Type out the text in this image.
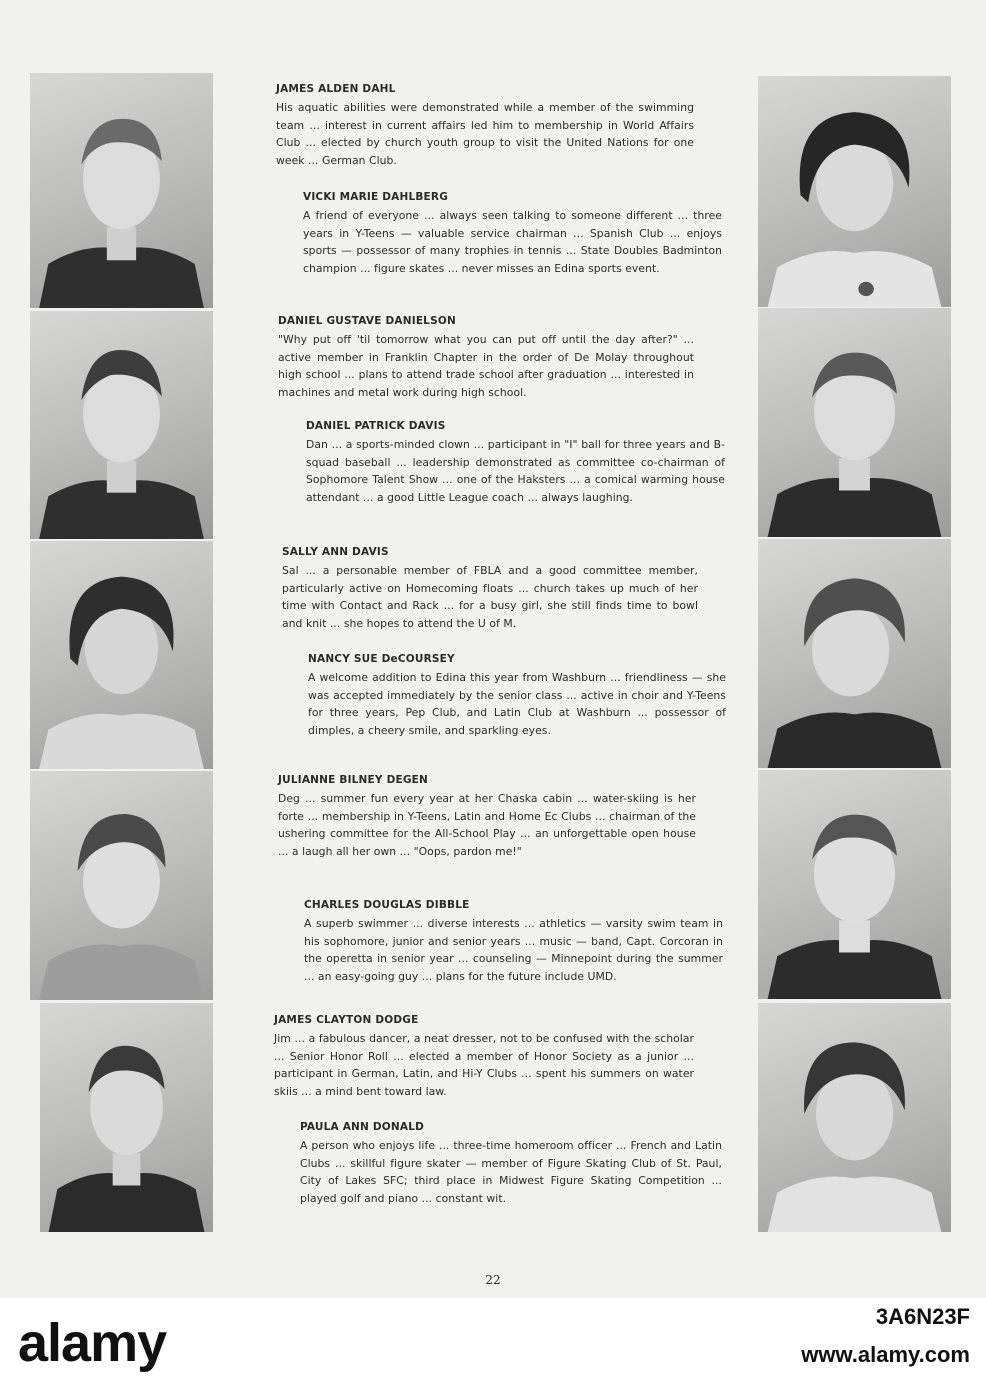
JAMES ALDEN DAHL

His aquatic abilities were demonstrated while a member of the swimming team ... interest in current affairs led him to membership in World Affairs Club ... elected by church youth group to visit the United Nations for one week ... German Club.

VICKI MARIE DAHLBERG

A friend of everyone ... always seen talking to someone different ... three years in Y-Teens — valuable service chairman ... Spanish Club ... enjoys sports — possessor of many trophies in tennis ... State Doubles Badminton champion ... figure skates ... never misses an Edina sports event.

DANIEL GUSTAVE DANIELSON

"Why put off 'til tomorrow what you can put off until the day after?" ... active member in Franklin Chapter in the order of De Molay throughout high school ... plans to attend trade school after graduation ... interested in machines and metal work during high school.

DANIEL PATRICK DAVIS

Dan ... a sports-minded clown ... participant in "I" ball for three years and B-squad baseball ... leadership demonstrated as committee co-chairman of Sophomore Talent Show ... one of the Haksters ... a comical warming house attendant ... a good Little League coach ... always laughing.

SALLY ANN DAVIS

Sal ... a personable member of FBLA and a good committee member, particularly active on Homecoming floats ... church takes up much of her time with Contact and Rack ... for a busy girl, she still finds time to bowl and knit ... she hopes to attend the U of M.

NANCY SUE DeCOURSEY

A welcome addition to Edina this year from Washburn ... friendliness — she was accepted immediately by the senior class ... active in choir and Y-Teens for three years, Pep Club, and Latin Club at Washburn ... possessor of dimples, a cheery smile, and sparkling eyes.

JULIANNE BILNEY DEGEN

Deg ... summer fun every year at her Chaska cabin ... water-skiing is her forte ... membership in Y-Teens, Latin and Home Ec Clubs ... chairman of the ushering committee for the All-School Play ... an unforgettable open house ... a laugh all her own ... "Oops, pardon me!"

CHARLES DOUGLAS DIBBLE

A superb swimmer ... diverse interests ... athletics — varsity swim team in his sophomore, junior and senior years ... music — band, Capt. Corcoran in the operetta in senior year ... counseling — Minnepoint during the summer ... an easy-going guy ... plans for the future include UMD.

JAMES CLAYTON DODGE

Jim ... a fabulous dancer, a neat dresser, not to be confused with the scholar ... Senior Honor Roll ... elected a member of Honor Society as a junior ... participant in German, Latin, and Hi-Y Clubs ... spent his summers on water skiis ... a mind bent toward law.

PAULA ANN DONALD

A person who enjoys life ... three-time homeroom officer ... French and Latin Clubs ... skillful figure skater — member of Figure Skating Club of St. Paul, City of Lakes SFC; third place in Midwest Figure Skating Competition ... played golf and piano ... constant wit.

22
alamy	3A6N23F
www.alamy.com
